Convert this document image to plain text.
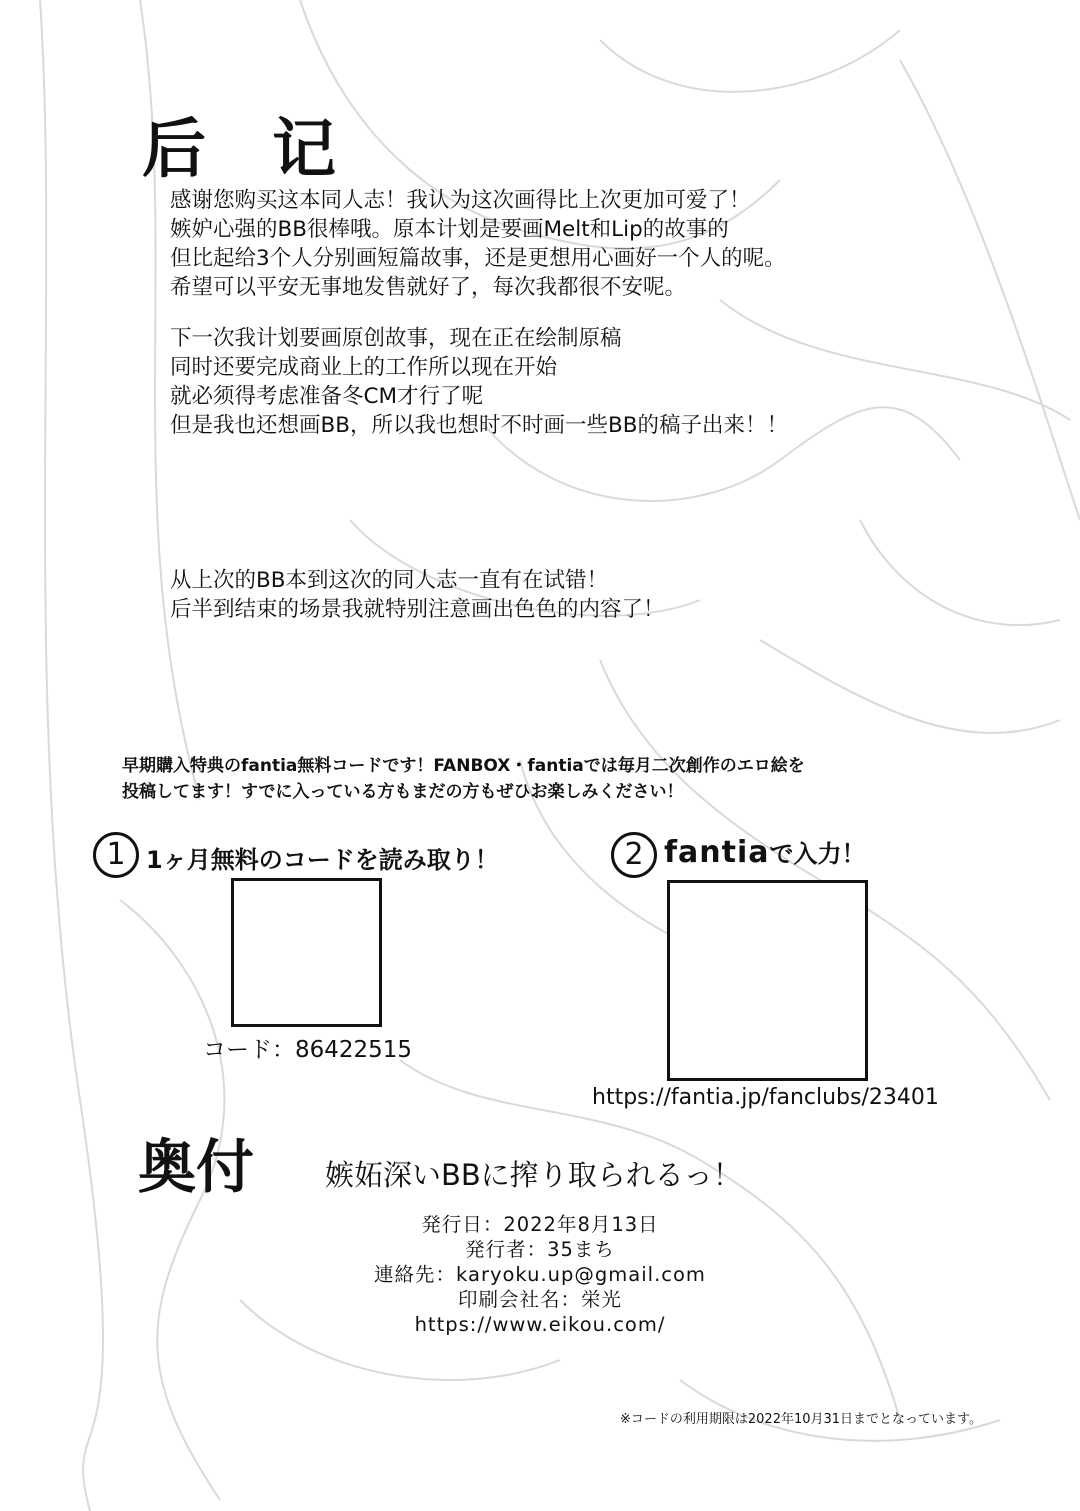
后 记
感谢您购买这本同人志！我认为这次画得比上次更加可爱了！
嫉妒心强的BB很棒哦。原本计划是要画Melt和Lip的故事的
但比起给3个人分别画短篇故事，还是更想用心画好一个人的呢。
希望可以平安无事地发售就好了，每次我都很不安呢。
下一次我计划要画原创故事，现在正在绘制原稿
同时还要完成商业上的工作所以现在开始
就必须得考虑准备冬CM才行了呢
但是我也还想画BB，所以我也想时不时画一些BB的稿子出来！！
从上次的BB本到这次的同人志一直有在试错！
后半到结束的场景我就特别注意画出色色的内容了！
早期購入特典のfantia無料コードです！FANBOX・fantiaでは毎月二次創作のエロ絵を
投稿してます！すでに入っている方もまだの方もぜひお楽しみください！
1 1ヶ月無料のコードを読み取り！
コード：86422515
2 fantiaで入力！
https://fantia.jp/fanclubs/23401
奥付 嫉妬深いBBに搾り取られるっ！
発行日：2022年8月13日
発行者：35まち
連絡先：karyoku.up@gmail.com
印刷会社名：栄光
https://www.eikou.com/
※コードの利用期限は2022年10月31日までとなっています。
